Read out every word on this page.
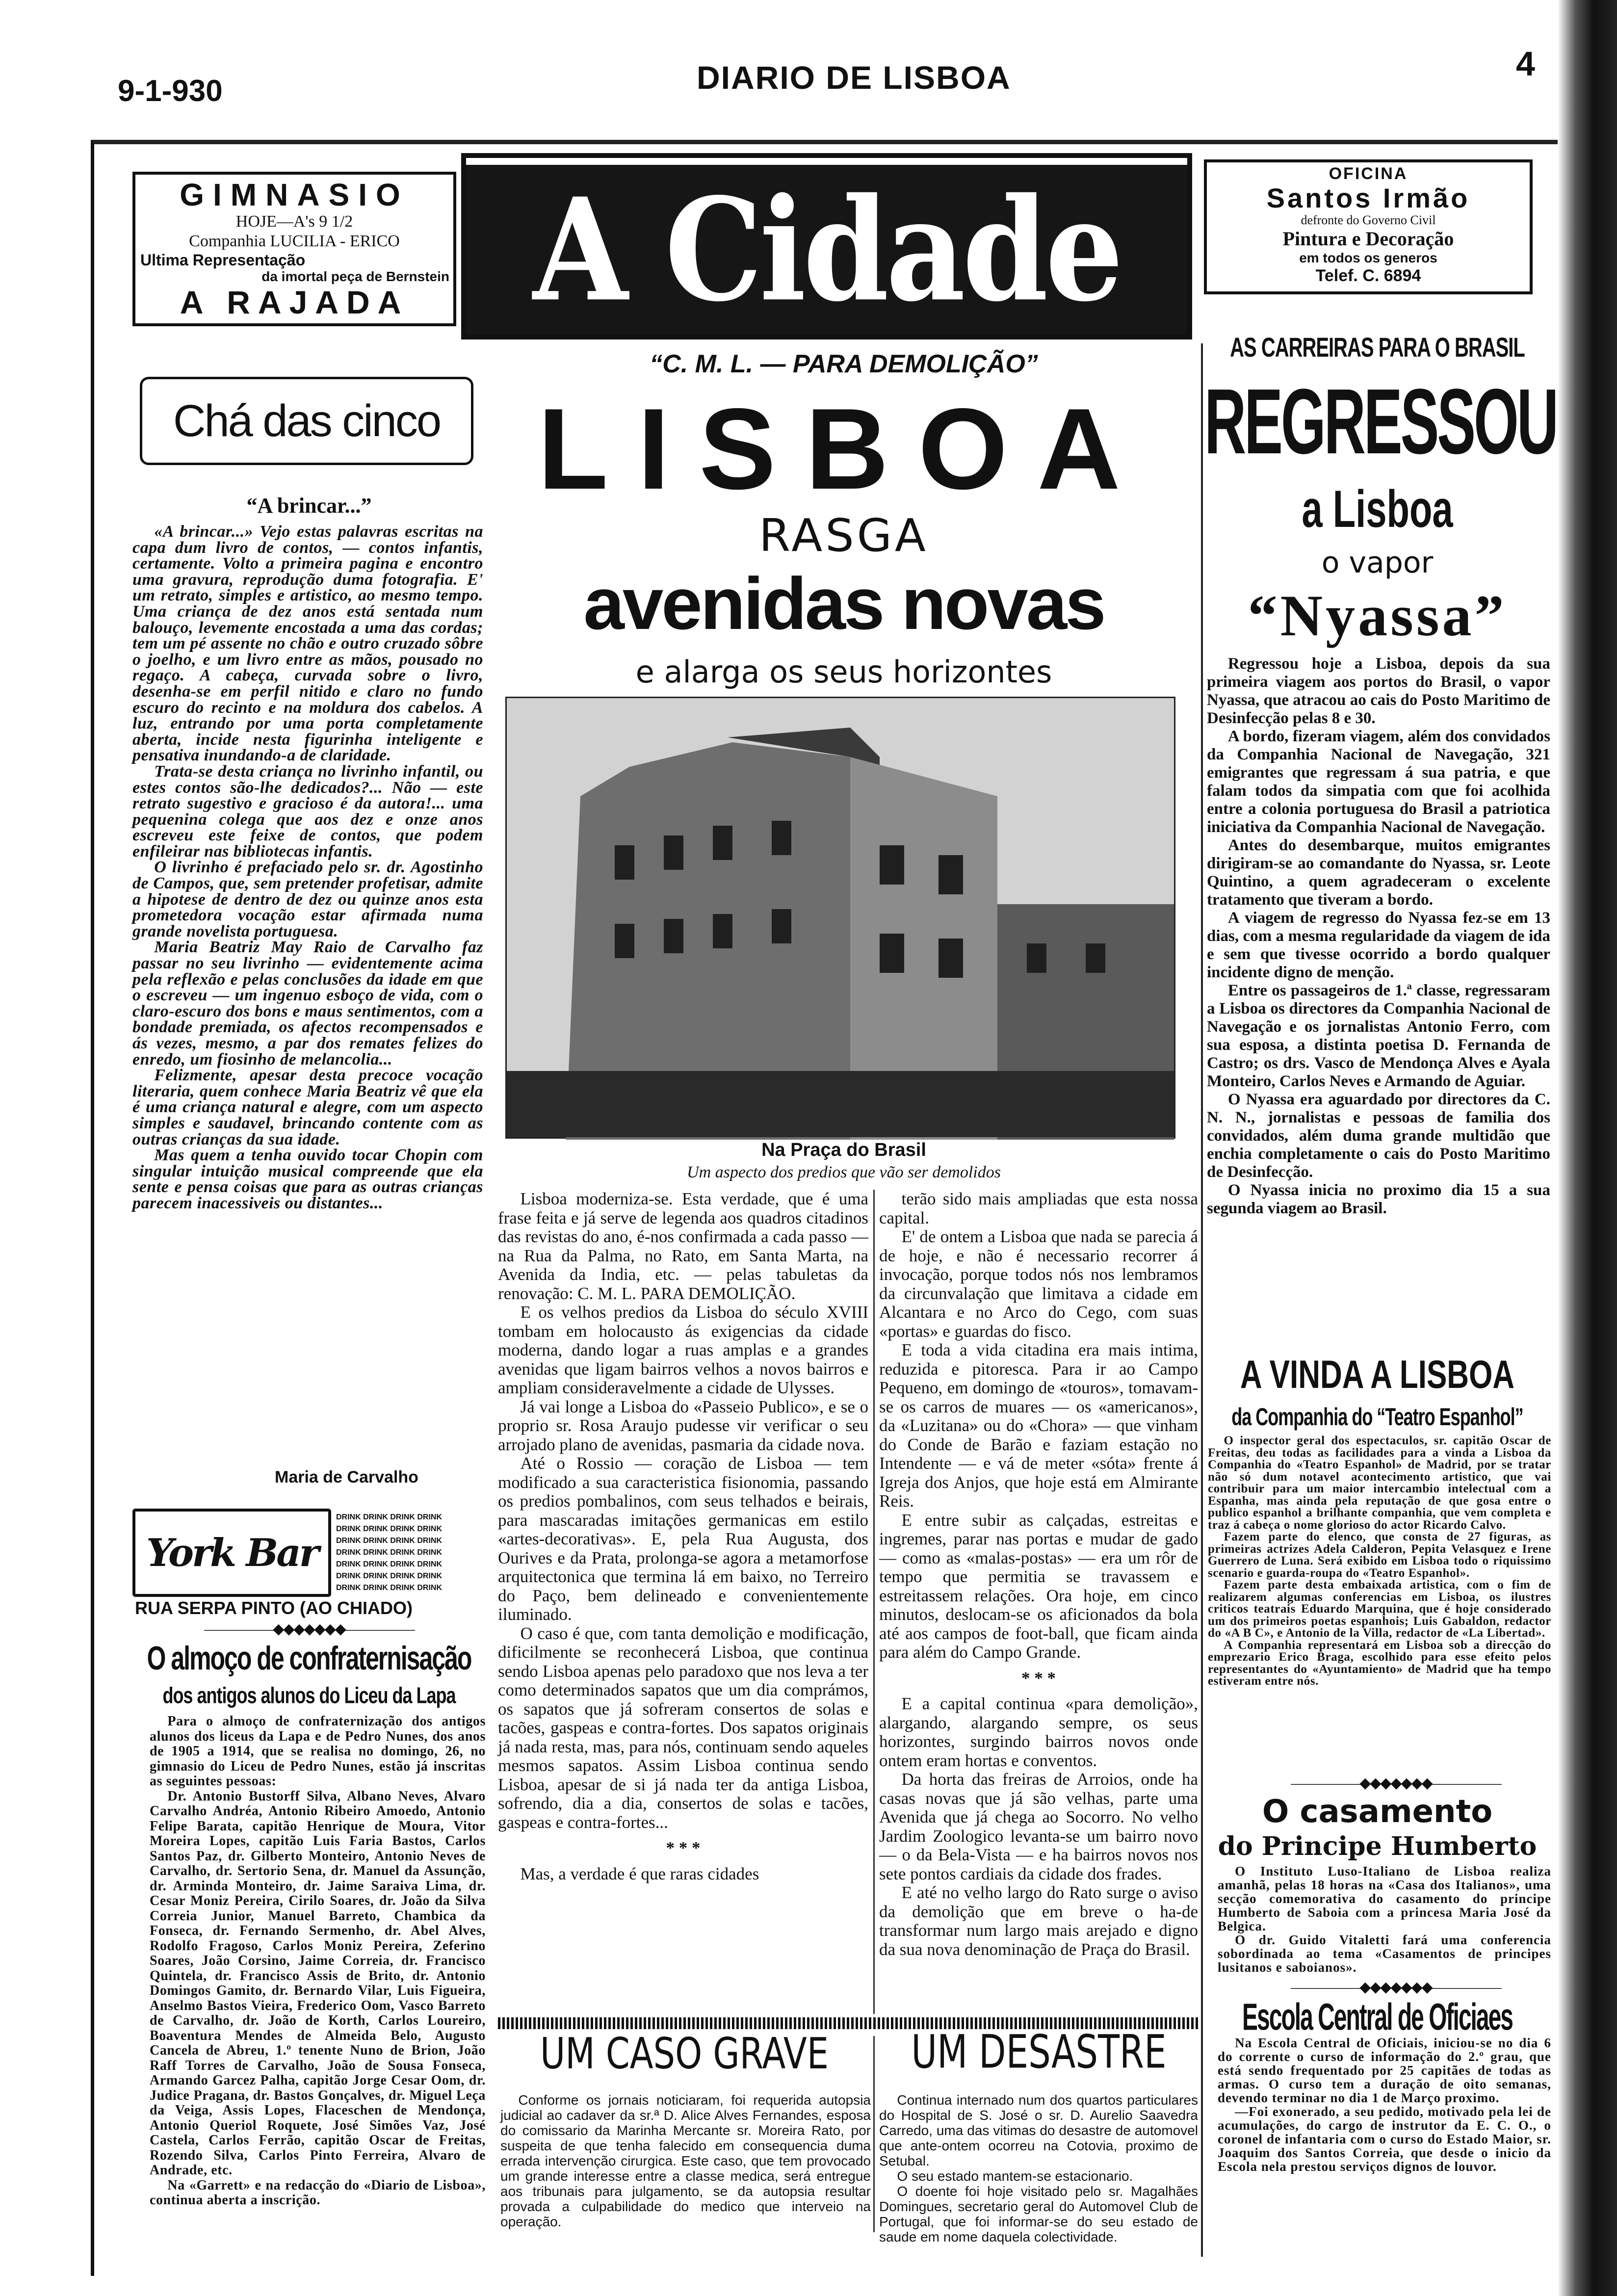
9-1-930	DIARIO DE LISBOA	4
GIMNASIO
HOJE—A's 9 1/2
Companhia LUCILIA - ERICO
Ultima Representação
da imortal peça de Bernstein
A RAJADA	A Cidade	OFICINA
Santos Irmão
defronte do Governo Civil
Pintura e Decoração
em todos os generos
Telef. C. 6894
Chá das cinco
“A brincar...”

«A brincar...» Vejo estas palavras escritas na capa dum livro de contos, — contos infantis, certamente. Volto a primeira pagina e encontro uma gravura, reprodução duma fotografia. E' um retrato, simples e artistico, ao mesmo tempo. Uma criança de dez anos está sentada num balouço, levemente encostada a uma das cordas; tem um pé assente no chão e outro cruzado sôbre o joelho, e um livro entre as mãos, pousado no regaço. A cabeça, curvada sobre o livro, desenha-se em perfil nitido e claro no fundo escuro do recinto e na moldura dos cabelos. A luz, entrando por uma porta completamente aberta, incide nesta figurinha inteligente e pensativa inundando-a de claridade.

Trata-se desta criança no livrinho infantil, ou estes contos são-lhe dedicados?... Não — este retrato sugestivo e gracioso é da autora!... uma pequenina colega que aos dez e onze anos escreveu este feixe de contos, que podem enfileirar nas bibliotecas infantis.

O livrinho é prefaciado pelo sr. dr. Agostinho de Campos, que, sem pretender profetisar, admite a hipotese de dentro de dez ou quinze anos esta prometedora vocação estar afirmada numa grande novelista portuguesa.

Maria Beatriz May Raio de Carvalho faz passar no seu livrinho — evidentemente acima pela reflexão e pelas conclusões da idade em que o escreveu — um ingenuo esboço de vida, com o claro-escuro dos bons e maus sentimentos, com a bondade premiada, os afectos recompensados e ás vezes, mesmo, a par dos remates felizes do enredo, um fiosinho de melancolia...

Felizmente, apesar desta precoce vocação literaria, quem conhece Maria Beatriz vê que ela é uma criança natural e alegre, com um aspecto simples e saudavel, brincando contente com as outras crianças da sua idade.

Mas quem a tenha ouvido tocar Chopin com singular intuição musical compreende que ela sente e pensa coisas que para as outras crianças parecem inacessiveis ou distantes...

Maria de Carvalho
York Bar
DRINK DRINK DRINK DRINK
DRINK DRINK DRINK DRINK
DRINK DRINK DRINK DRINK
DRINK DRINK DRINK DRINK
DRINK DRINK DRINK DRINK
DRINK DRINK DRINK DRINK
DRINK DRINK DRINK DRINK
RUA SERPA PINTO (AO CHIADO)
—————◆◆◆◆◆◆◆—————
O almoço de confraternisação
dos antigos alunos do Liceu da Lapa

Para o almoço de confraternização dos antigos alunos dos liceus da Lapa e de Pedro Nunes, dos anos de 1905 a 1914, que se realisa no domingo, 26, no gimnasio do Liceu de Pedro Nunes, estão já inscritas as seguintes pessoas:

Dr. Antonio Bustorff Silva, Albano Neves, Alvaro Carvalho Andréa, Antonio Ribeiro Amoedo, Antonio Felipe Barata, capitão Henrique de Moura, Vitor Moreira Lopes, capitão Luis Faria Bastos, Carlos Santos Paz, dr. Gilberto Monteiro, Antonio Neves de Carvalho, dr. Sertorio Sena, dr. Manuel da Assunção, dr. Arminda Monteiro, dr. Jaime Saraiva Lima, dr. Cesar Moniz Pereira, Cirilo Soares, dr. João da Silva Correia Junior, Manuel Barreto, Chambica da Fonseca, dr. Fernando Sermenho, dr. Abel Alves, Rodolfo Fragoso, Carlos Moniz Pereira, Zeferino Soares, João Corsino, Jaime Correia, dr. Francisco Quintela, dr. Francisco Assis de Brito, dr. Antonio Domingos Gamito, dr. Bernardo Vilar, Luis Figueira, Anselmo Bastos Vieira, Frederico Oom, Vasco Barreto de Carvalho, dr. João de Korth, Carlos Loureiro, Boaventura Mendes de Almeida Belo, Augusto Cancela de Abreu, 1.º tenente Nuno de Brion, João Raff Torres de Carvalho, João de Sousa Fonseca, Armando Garcez Palha, capitão Jorge Cesar Oom, dr. Judice Pragana, dr. Bastos Gonçalves, dr. Miguel Leça da Veiga, Assis Lopes, Flaceschen de Mendonça, Antonio Queriol Roquete, José Simões Vaz, José Castela, Carlos Ferrão, capitão Oscar de Freitas, Rozendo Silva, Carlos Pinto Ferreira, Alvaro de Andrade, etc.

Na «Garrett» e na redacção do «Diario de Lisboa», continua aberta a inscrição.

“C. M. L. — PARA DEMOLIÇÃO”
LISBOA
RASGA
avenidas novas
e alarga os seus horizontes
Na Praça do Brasil
Um aspecto dos predios que vão ser demolidos

Lisboa moderniza-se. Esta verdade, que é uma frase feita e já serve de legenda aos quadros citadinos das revistas do ano, é-nos confirmada a cada passo — na Rua da Palma, no Rato, em Santa Marta, na Avenida da India, etc. — pelas tabuletas da renovação: C. M. L. PARA DEMOLIÇÃO.

E os velhos predios da Lisboa do século XVIII tombam em holocausto ás exigencias da cidade moderna, dando logar a ruas amplas e a grandes avenidas que ligam bairros velhos a novos bairros e ampliam consideravelmente a cidade de Ulysses.

Já vai longe a Lisboa do «Passeio Publico», e se o proprio sr. Rosa Araujo pudesse vir verificar o seu arrojado plano de avenidas, pasmaria da cidade nova.

Até o Rossio — coração de Lisboa — tem modificado a sua caracteristica fisionomia, passando os predios pombalinos, com seus telhados e beirais, para mascaradas imitações germanicas em estilo «artes-decorativas». E, pela Rua Augusta, dos Ourives e da Prata, prolonga-se agora a metamorfose arquitectonica que termina lá em baixo, no Terreiro do Paço, bem delineado e convenientemente iluminado.

O caso é que, com tanta demolição e modificação, dificilmente se reconhecerá Lisboa, que continua sendo Lisboa apenas pelo paradoxo que nos leva a ter como determinados sapatos que um dia comprámos, os sapatos que já sofreram consertos de solas e tacões, gaspeas e contra-fortes. Dos sapatos originais já nada resta, mas, para nós, continuam sendo aqueles mesmos sapatos. Assim Lisboa continua sendo Lisboa, apesar de si já nada ter da antiga Lisboa, sofrendo, dia a dia, consertos de solas e tacões, gaspeas e contra-fortes...

* * *

Mas, a verdade é que raras cidades

terão sido mais ampliadas que esta nossa capital.

E' de ontem a Lisboa que nada se parecia á de hoje, e não é necessario recorrer á invocação, porque todos nós nos lembramos da circunvalação que limitava a cidade em Alcantara e no Arco do Cego, com suas «portas» e guardas do fisco.

E toda a vida citadina era mais intima, reduzida e pitoresca. Para ir ao Campo Pequeno, em domingo de «touros», tomavam-se os carros de muares — os «americanos», da «Luzitana» ou do «Chora» — que vinham do Conde de Barão e faziam estação no Intendente — e vá de meter «sóta» frente á Igreja dos Anjos, que hoje está em Almirante Reis.

E entre subir as calçadas, estreitas e ingremes, parar nas portas e mudar de gado — como as «malas-postas» — era um rôr de tempo que permitia se travassem e estreitassem relações. Ora hoje, em cinco minutos, deslocam-se os aficionados da bola até aos campos de foot-ball, que ficam ainda para além do Campo Grande.

* * *

E a capital continua «para demolição», alargando, alargando sempre, os seus horizontes, surgindo bairros novos onde ontem eram hortas e conventos.

Da horta das freiras de Arroios, onde ha casas novas que já são velhas, parte uma Avenida que já chega ao Socorro. No velho Jardim Zoologico levanta-se um bairro novo — o da Bela-Vista — e ha bairros novos nos sete pontos cardiais da cidade dos frades.

E até no velho largo do Rato surge o aviso da demolição que em breve o ha-de transformar num largo mais arejado e digno da sua nova denominação de Praça do Brasil.

UM CASO GRAVE

Conforme os jornais noticiaram, foi requerida autopsia judicial ao cadaver da sr.ª D. Alice Alves Fernandes, esposa do comissario da Marinha Mercante sr. Moreira Rato, por suspeita de que tenha falecido em consequencia duma errada intervenção cirurgica. Este caso, que tem provocado um grande interesse entre a classe medica, será entregue aos tribunais para julgamento, se da autopsia resultar provada a culpabilidade do medico que interveio na operação.

UM DESASTRE

Continua internado num dos quartos particulares do Hospital de S. José o sr. D. Aurelio Saavedra Carredo, uma das vitimas do desastre de automovel que ante-ontem ocorreu na Cotovia, proximo de Setubal.

O seu estado mantem-se estacionario.

O doente foi hoje visitado pelo sr. Magalhães Domingues, secretario geral do Automovel Club de Portugal, que foi informar-se do seu estado de saude em nome daquela colectividade.

AS CARREIRAS PARA O BRASIL
REGRESSOU
a Lisboa
o vapor
“Nyassa”

Regressou hoje a Lisboa, depois da sua primeira viagem aos portos do Brasil, o vapor Nyassa, que atracou ao cais do Posto Maritimo de Desinfecção pelas 8 e 30.

A bordo, fizeram viagem, além dos convidados da Companhia Nacional de Navegação, 321 emigrantes que regressam á sua patria, e que falam todos da simpatia com que foi acolhida entre a colonia portuguesa do Brasil a patriotica iniciativa da Companhia Nacional de Navegação.

Antes do desembarque, muitos emigrantes dirigiram-se ao comandante do Nyassa, sr. Leote Quintino, a quem agradeceram o excelente tratamento que tiveram a bordo.

A viagem de regresso do Nyassa fez-se em 13 dias, com a mesma regularidade da viagem de ida e sem que tivesse ocorrido a bordo qualquer incidente digno de menção.

Entre os passageiros de 1.ª classe, regressaram a Lisboa os directores da Companhia Nacional de Navegação e os jornalistas Antonio Ferro, com sua esposa, a distinta poetisa D. Fernanda de Castro; os drs. Vasco de Mendonça Alves e Ayala Monteiro, Carlos Neves e Armando de Aguiar.

O Nyassa era aguardado por directores da C. N. N., jornalistas e pessoas de familia dos convidados, além duma grande multidão que enchia completamente o cais do Posto Maritimo de Desinfecção.

O Nyassa inicia no proximo dia 15 a sua segunda viagem ao Brasil.

A VINDA A LISBOA
da Companhia do “Teatro Espanhol”

O inspector geral dos espectaculos, sr. capitão Oscar de Freitas, deu todas as facilidades para a vinda a Lisboa da Companhia do «Teatro Espanhol» de Madrid, por se tratar não só dum notavel acontecimento artistico, que vai contribuir para um maior intercambio intelectual com a Espanha, mas ainda pela reputação de que gosa entre o publico espanhol a brilhante companhia, que vem completa e traz á cabeça o nome glorioso do actor Ricardo Calvo.

Fazem parte do elenco, que consta de 27 figuras, as primeiras actrizes Adela Calderon, Pepita Velasquez e Irene Guerrero de Luna. Será exibido em Lisboa todo o riquissimo scenario e guarda-roupa do «Teatro Espanhol».

Fazem parte desta embaixada artistica, com o fim de realizarem algumas conferencias em Lisboa, os ilustres criticos teatrais Eduardo Marquina, que é hoje considerado um dos primeiros poetas espanhois; Luis Gabaldon, redactor do «A B C», e Antonio de la Villa, redactor de «La Libertad».

A Companhia representará em Lisboa sob a direcção do emprezario Erico Braga, escolhido para esse efeito pelos representantes do «Ayuntamiento» de Madrid que ha tempo estiveram entre nós.

—————◆◆◆◆◆◆◆—————
O casamento
do Principe Humberto

O Instituto Luso-Italiano de Lisboa realiza amanhã, pelas 18 horas na «Casa dos Italianos», uma secção comemorativa do casamento do principe Humberto de Saboia com a princesa Maria José da Belgica.

O dr. Guido Vitaletti fará uma conferencia sobordinada ao tema «Casamentos de principes lusitanos e saboianos».

—————◆◆◆◆◆◆◆—————
Escola Central de Oficiaes

Na Escola Central de Oficiais, iniciou-se no dia 6 do corrente o curso de informação do 2.º grau, que está sendo frequentado por 25 capitães de todas as armas. O curso tem a duração de oito semanas, devendo terminar no dia 1 de Março proximo.

—Foi exonerado, a seu pedido, motivado pela lei de acumulações, do cargo de instrutor da E. C. O., o coronel de infantaria com o curso do Estado Maior, sr. Joaquim dos Santos Correia, que desde o inicio da Escola nela prestou serviços dignos de louvor.
